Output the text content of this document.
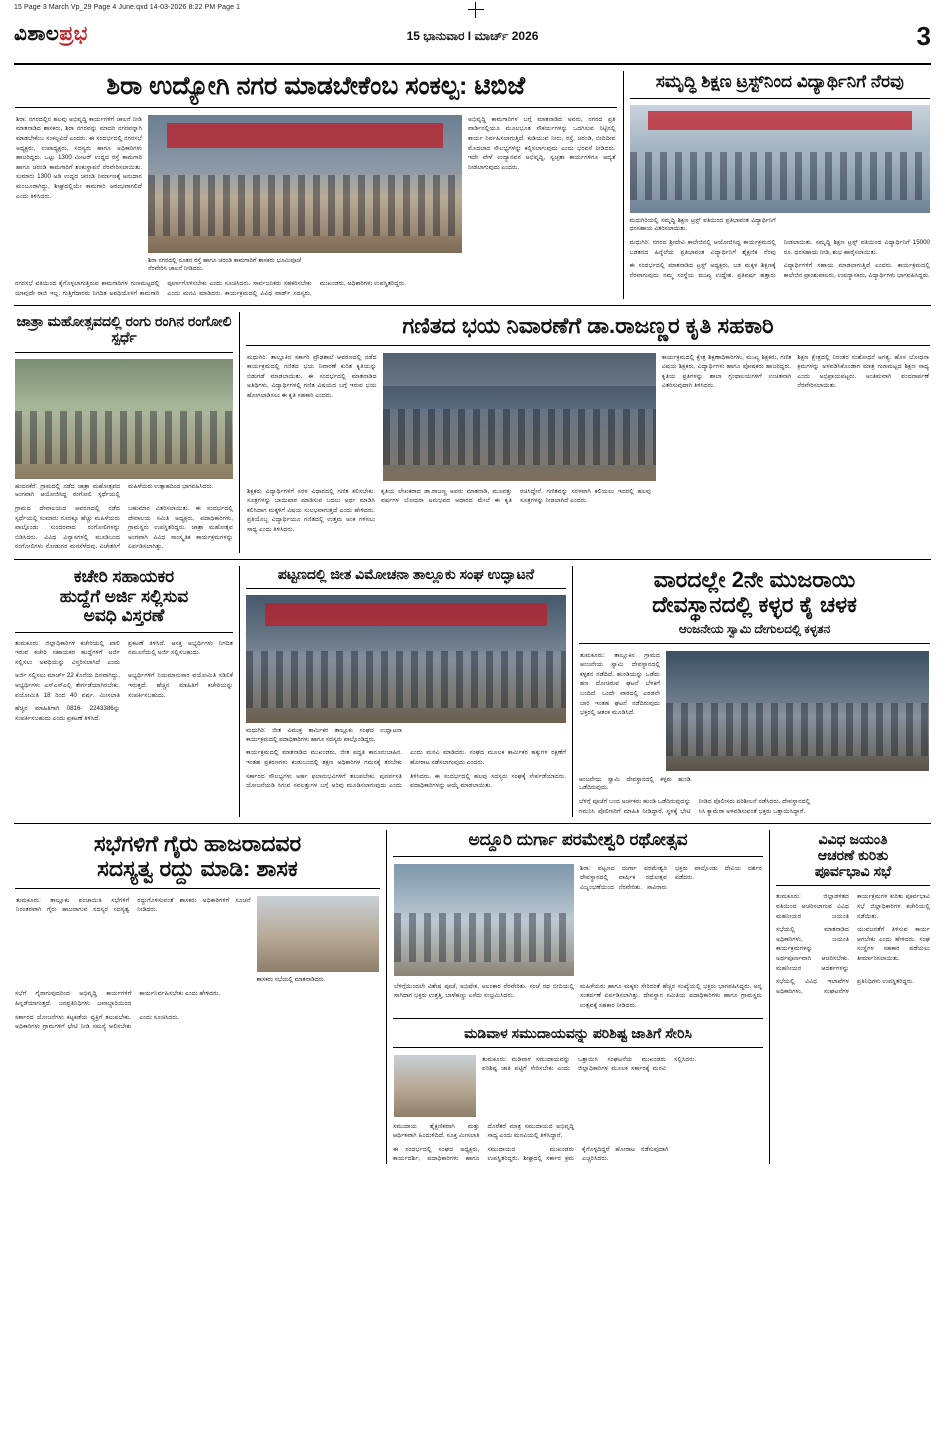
15 Page 3 March Vp_29 Page 4 June.qxd 14-03-2026 8:22 PM Page 1
ವಿಶಾಲಪ್ರಭ	15 ಭಾನುವಾರ I ಮಾರ್ಚ್ 2026	3
ಶಿರಾ ಉದ್ಯೋಗಿ ನಗರ ಮಾಡಬೇಕೆಂಬ ಸಂಕಲ್ಪ: ಟಿಬಿಜೆ
ಶಿರಾ: ನಗರದಲ್ಲಿನ ಹಲವು ಅಭಿವೃದ್ಧಿ ಕಾರ್ಯಗಳಿಗೆ ಚಾಲನೆ ನೀಡಿ ಮಾತನಾಡಿದ ಶಾಸಕರು, ಶಿರಾ ನಗರವನ್ನು ಮಾದರಿ ನಗರವನ್ನಾಗಿ ಮಾಡಬೇಕೆಂಬ ಸಂಕಲ್ಪವಿದೆ ಎಂದರು. ಈ ಸಂದರ್ಭದಲ್ಲಿ ನಗರಸಭೆ ಅಧ್ಯಕ್ಷರು, ಉಪಾಧ್ಯಕ್ಷರು, ಸದಸ್ಯರು ಹಾಗೂ ಅಧಿಕಾರಿಗಳು ಹಾಜರಿದ್ದರು. ಒಟ್ಟು 1300 ಮೀಟರ್ ಉದ್ದದ ರಸ್ತೆ ಕಾಮಗಾರಿ ಹಾಗೂ ಚರಂಡಿ ಕಾಮಗಾರಿಗೆ ಶಂಕುಸ್ಥಾಪನೆ ನೆರವೇರಿಸಲಾಯಿತು. ಸುಮಾರು 1300 ಅಡಿ ಉದ್ದದ ಚರಂಡಿ ನಿರ್ಮಾಣಕ್ಕೆ ಅನುದಾನ ಮಂಜೂರಾಗಿದ್ದು, ಶೀಘ್ರದಲ್ಲಿಯೇ ಕಾಮಗಾರಿ ಆರಂಭವಾಗಲಿದೆ ಎಂದು ತಿಳಿಸಿದರು.

ಶಿರಾ ನಗರದಲ್ಲಿ ನೂತನ ರಸ್ತೆ ಹಾಗೂ ಚರಂಡಿ ಕಾಮಗಾರಿಗೆ ಶಾಸಕರು ಭೂಮಿಪೂಜೆ ನೆರವೇರಿಸಿ ಚಾಲನೆ ನೀಡಿದರು.

ಅಭಿವೃದ್ಧಿ ಕಾಮಗಾರಿಗಳ ಬಗ್ಗೆ ಮಾತನಾಡಿದ ಅವರು, ನಗರದ ಪ್ರತಿ ವಾರ್ಡಿನಲ್ಲಿಯೂ ಮೂಲಭೂತ ಸೌಕರ್ಯಗಳನ್ನು ಒದಗಿಸುವ ನಿಟ್ಟಿನಲ್ಲಿ ಕಾರ್ಯ ನಿರ್ವಹಿಸಲಾಗುತ್ತಿದೆ. ಕುಡಿಯುವ ನೀರು, ರಸ್ತೆ, ಚರಂಡಿ, ಬೀದಿದೀಪ ಮೊದಲಾದ ಸೌಲಭ್ಯಗಳನ್ನು ಕಲ್ಪಿಸಲಾಗುವುದು ಎಂದು ಭರವಸೆ ನೀಡಿದರು. ಇದೇ ವೇಳೆ ಉದ್ಯಾನವನ ಅಭಿವೃದ್ಧಿ, ಸ್ವಚ್ಛತಾ ಕಾರ್ಯಗಳಿಗೂ ಆದ್ಯತೆ ನೀಡಲಾಗುವುದು ಎಂದರು.
ನಗರಸಭೆ ವತಿಯಿಂದ ಕೈಗೊಳ್ಳಲಾಗುತ್ತಿರುವ ಕಾಮಗಾರಿಗಳ ಗುಣಮಟ್ಟದಲ್ಲಿ ಯಾವುದೇ ರಾಜಿ ಇಲ್ಲ. ಗುತ್ತಿಗೆದಾರರು ನಿಗದಿತ ಅವಧಿಯೊಳಗೆ ಕಾಮಗಾರಿ ಪೂರ್ಣಗೊಳಿಸಬೇಕು ಎಂದು ಸೂಚಿಸಿದರು. ಸಾರ್ವಜನಿಕರು ಸಹಕರಿಸಬೇಕು ಎಂದು ಮನವಿ ಮಾಡಿದರು. ಕಾರ್ಯಕ್ರಮದಲ್ಲಿ ವಿವಿಧ ವಾರ್ಡ್ ಸದಸ್ಯರು, ಮುಖಂಡರು, ಅಧಿಕಾರಿಗಳು ಉಪಸ್ಥಿತರಿದ್ದರು.

ಸಮೃದ್ಧಿ ಶಿಕ್ಷಣ ಟ್ರಸ್ಟ್‌ನಿಂದ ವಿದ್ಯಾರ್ಥಿನಿಗೆ ನೆರವು
ಮಧುಗಿರಿಯಲ್ಲಿ ಸಮೃದ್ಧಿ ಶಿಕ್ಷಣ ಟ್ರಸ್ಟ್ ವತಿಯಿಂದ ಪ್ರತಿಭಾವಂತ ವಿದ್ಯಾರ್ಥಿನಿಗೆ ಧನಸಹಾಯ ವಿತರಿಸಲಾಯಿತು.
ಮಧುಗಿರಿ: ನಗರದ ಶ್ರೀದೇವಿ ಕಾಲೇಜಿನಲ್ಲಿ ಆಯೋಜಿಸಿದ್ದ ಕಾರ್ಯಕ್ರಮದಲ್ಲಿ ಬಡತನದ ಹಿನ್ನೆಲೆಯ ಪ್ರತಿಭಾವಂತ ವಿದ್ಯಾರ್ಥಿನಿಗೆ ಶೈಕ್ಷಣಿಕ ನೆರವು ನೀಡಲಾಯಿತು. ಸಮೃದ್ಧಿ ಶಿಕ್ಷಣ ಟ್ರಸ್ಟ್ ವತಿಯಿಂದ ವಿದ್ಯಾರ್ಥಿನಿಗೆ 15000 ರೂ. ಧನಸಹಾಯ ನೀಡಿ, ಶುಭ ಹಾರೈಸಲಾಯಿತು.
ಈ ಸಂದರ್ಭದಲ್ಲಿ ಮಾತನಾಡಿದ ಟ್ರಸ್ಟ್ ಅಧ್ಯಕ್ಷರು, ಬಡ ಮಕ್ಕಳ ಶಿಕ್ಷಣಕ್ಕೆ ನೆರವಾಗುವುದು ನಮ್ಮ ಸಂಸ್ಥೆಯ ಮುಖ್ಯ ಉದ್ದೇಶ. ಪ್ರತಿವರ್ಷ ಹತ್ತಾರು ವಿದ್ಯಾರ್ಥಿಗಳಿಗೆ ಸಹಾಯ ಮಾಡಲಾಗುತ್ತಿದೆ ಎಂದರು. ಕಾರ್ಯಕ್ರಮದಲ್ಲಿ ಕಾಲೇಜಿನ ಪ್ರಾಂಶುಪಾಲರು, ಉಪನ್ಯಾಸಕರು, ವಿದ್ಯಾರ್ಥಿಗಳು ಭಾಗವಹಿಸಿದ್ದರು.
ಜಾತ್ರಾ ಮಹೋತ್ಸವದಲ್ಲಿ ರಂಗು ರಂಗಿನ ರಂಗೋಲಿ ಸ್ಪರ್ಧೆ
ಹಂದನಕೆರೆ: ಗ್ರಾಮದಲ್ಲಿ ನಡೆದ ಜಾತ್ರಾ ಮಹೋತ್ಸವದ ಅಂಗವಾಗಿ ಆಯೋಜಿಸಿದ್ದ ರಂಗೋಲಿ ಸ್ಪರ್ಧೆಯಲ್ಲಿ ಮಹಿಳೆಯರು ಉತ್ಸಾಹದಿಂದ ಭಾಗವಹಿಸಿದರು.
ಗ್ರಾಮದ ದೇವಾಲಯದ ಆವರಣದಲ್ಲಿ ನಡೆದ ಸ್ಪರ್ಧೆಯಲ್ಲಿ ಸುಮಾರು ನೂರಕ್ಕೂ ಹೆಚ್ಚು ಮಹಿಳೆಯರು ಪಾಲ್ಗೊಂಡು ಸುಂದರವಾದ ರಂಗೋಲಿಗಳನ್ನು ಬಿಡಿಸಿದರು. ವಿವಿಧ ವಿನ್ಯಾಸಗಳಲ್ಲಿ ಮೂಡಿಬಂದ ರಂಗೋಲಿಗಳು ನೋಡುಗರ ಮನಸೆಳೆದವು. ವಿಜೇತರಿಗೆ ಬಹುಮಾನ ವಿತರಿಸಲಾಯಿತು. ಈ ಸಂದರ್ಭದಲ್ಲಿ ದೇವಾಲಯ ಸಮಿತಿ ಅಧ್ಯಕ್ಷರು, ಪದಾಧಿಕಾರಿಗಳು, ಗ್ರಾಮಸ್ಥರು ಉಪಸ್ಥಿತರಿದ್ದರು. ಜಾತ್ರಾ ಮಹೋತ್ಸವ ಅಂಗವಾಗಿ ವಿವಿಧ ಸಾಂಸ್ಕೃತಿಕ ಕಾರ್ಯಕ್ರಮಗಳನ್ನು ಏರ್ಪಡಿಸಲಾಗಿತ್ತು.

ಗಣಿತದ ಭಯ ನಿವಾರಣೆಗೆ ಡಾ.ರಾಜಣ್ಣರ ಕೃತಿ ಸಹಕಾರಿ
ಮಧುಗಿರಿ: ತಾಲ್ಲೂಕಿನ ಸರ್ಕಾರಿ ಪ್ರೌಢಶಾಲೆ ಆವರಣದಲ್ಲಿ ನಡೆದ ಕಾರ್ಯಕ್ರಮದಲ್ಲಿ ಗಣಿತದ ಭಯ ನಿವಾರಣೆ ಕುರಿತ ಕೃತಿಯನ್ನು ಬಿಡುಗಡೆ ಮಾಡಲಾಯಿತು. ಈ ಸಂದರ್ಭದಲ್ಲಿ ಮಾತನಾಡಿದ ಅತಿಥಿಗಳು, ವಿದ್ಯಾರ್ಥಿಗಳಲ್ಲಿ ಗಣಿತ ವಿಷಯದ ಬಗ್ಗೆ ಇರುವ ಭಯ ಹೋಗಲಾಡಿಸಲು ಈ ಕೃತಿ ಸಹಕಾರಿ ಎಂದರು.

ಕಾರ್ಯಕ್ರಮದಲ್ಲಿ ಕ್ಷೇತ್ರ ಶಿಕ್ಷಣಾಧಿಕಾರಿಗಳು, ಮುಖ್ಯ ಶಿಕ್ಷಕರು, ಗಣಿತ ವಿಷಯ ಶಿಕ್ಷಕರು, ವಿದ್ಯಾರ್ಥಿಗಳು ಹಾಗೂ ಪೋಷಕರು ಹಾಜರಿದ್ದರು. ಕೃತಿಯ ಪ್ರತಿಗಳನ್ನು ಶಾಲಾ ಗ್ರಂಥಾಲಯಗಳಿಗೆ ಉಚಿತವಾಗಿ ವಿತರಿಸುವುದಾಗಿ ತಿಳಿಸಿದರು.

ಶಿಕ್ಷಣ ಕ್ಷೇತ್ರದಲ್ಲಿ ನಿರಂತರ ಸಂಶೋಧನೆ ಅಗತ್ಯ. ಹೊಸ ಬೋಧನಾ ಕ್ರಮಗಳನ್ನು ಅಳವಡಿಸಿಕೊಂಡಾಗ ಮಾತ್ರ ಗುಣಮಟ್ಟದ ಶಿಕ್ಷಣ ಸಾಧ್ಯ ಎಂದು ಅಭಿಪ್ರಾಯಪಟ್ಟರು. ಅಂತಿಮವಾಗಿ ವಂದನಾರ್ಪಣೆ ನೆರವೇರಿಸಲಾಯಿತು.
ಶಿಕ್ಷಕರು ವಿದ್ಯಾರ್ಥಿಗಳಿಗೆ ಸರಳ ವಿಧಾನದಲ್ಲಿ ಗಣಿತ ಕಲಿಸಬೇಕು. ಸೂತ್ರಗಳನ್ನು ಬಾಯಿಪಾಠ ಮಾಡಿಸುವ ಬದಲು ಅರ್ಥ ಮಾಡಿಸಿ ಕಲಿಸಿದಾಗ ಮಕ್ಕಳಿಗೆ ವಿಷಯ ಸುಲಭವಾಗುತ್ತದೆ ಎಂದು ಹೇಳಿದರು. ಪ್ರತಿಯೊಬ್ಬ ವಿದ್ಯಾರ್ಥಿಯೂ ಗಣಿತದಲ್ಲಿ ಉತ್ತಮ ಅಂಕ ಗಳಿಸಲು ಸಾಧ್ಯ ಎಂದು ತಿಳಿಸಿದರು.

ಕೃತಿಯ ಲೇಖಕರಾದ ಡಾ.ರಾಜಣ್ಣ ಅವರು ಮಾತನಾಡಿ, ಮೂವತ್ತು ವರ್ಷಗಳ ಬೋಧನಾ ಅನುಭವದ ಆಧಾರದ ಮೇಲೆ ಈ ಕೃತಿ ರಚಿಸಿದ್ದೇನೆ. ಗಣಿತವನ್ನು ಸರಳವಾಗಿ ಕಲಿಯಲು ಇದರಲ್ಲಿ ಹಲವು ಸೂತ್ರಗಳನ್ನು ನೀಡಲಾಗಿದೆ ಎಂದರು.
ಕಚೇರಿ ಸಹಾಯಕರ
ಹುದ್ದೆಗೆ ಅರ್ಜಿ ಸಲ್ಲಿಸುವ
ಅವಧಿ ವಿಸ್ತರಣೆ
ತುಮಕೂರು: ಜಿಲ್ಲಾಧಿಕಾರಿಗಳ ಕಚೇರಿಯಲ್ಲಿ ಖಾಲಿ ಇರುವ ಕಚೇರಿ ಸಹಾಯಕರ ಹುದ್ದೆಗಳಿಗೆ ಅರ್ಜಿ ಸಲ್ಲಿಸಲು ಅವಧಿಯನ್ನು ವಿಸ್ತರಿಸಲಾಗಿದೆ ಎಂದು ಪ್ರಕಟಣೆ ತಿಳಿಸಿದೆ. ಆಸಕ್ತ ಅಭ್ಯರ್ಥಿಗಳು ನಿಗದಿತ ನಮೂನೆಯಲ್ಲಿ ಅರ್ಜಿ ಸಲ್ಲಿಸಬಹುದು.
ಅರ್ಜಿ ಸಲ್ಲಿಸಲು ಮಾರ್ಚ್ 22 ಕೊನೆಯ ದಿನವಾಗಿದ್ದು, ಅಭ್ಯರ್ಥಿಗಳು ಎಸ್ಎಸ್ಎಲ್ಸಿ ತೇರ್ಗಡೆಯಾಗಿರಬೇಕು. ವಯೋಮಿತಿ 18 ರಿಂದ 40 ವರ್ಷ. ಮೀಸಲಾತಿ ಅಭ್ಯರ್ಥಿಗಳಿಗೆ ನಿಯಮಾನುಸಾರ ವಯೋಮಿತಿ ಸಡಿಲಿಕೆ ಇರುತ್ತದೆ. ಹೆಚ್ಚಿನ ಮಾಹಿತಿಗೆ ಕಚೇರಿಯನ್ನು ಸಂಪರ್ಕಿಸಬಹುದು.
ಹೆಚ್ಚಿನ ಮಾಹಿತಿಗಾಗಿ 0816- 2243386ನ್ನು ಸಂಪರ್ಕಿಸಬಹುದು ಎಂದು ಪ್ರಕಟಣೆ ತಿಳಿಸಿದೆ.

ಪಟ್ಟಣದಲ್ಲಿ ಜೀತ ವಿಮೋಚನಾ ತಾಲ್ಲೂಕು ಸಂಘ ಉದ್ಘಾಟನೆ
ಮಧುಗಿರಿ: ಜೀತ ವಿಮುಕ್ತ ಕಾರ್ಮಿಕರ ತಾಲ್ಲೂಕು ಸಂಘದ ಉದ್ಘಾಟನಾ ಕಾರ್ಯಕ್ರಮದಲ್ಲಿ ಪದಾಧಿಕಾರಿಗಳು ಹಾಗೂ ಸದಸ್ಯರು ಪಾಲ್ಗೊಂಡಿದ್ದರು.
ಕಾರ್ಯಕ್ರಮದಲ್ಲಿ ಮಾತನಾಡಿದ ಮುಖಂಡರು, ಜೀತ ಪದ್ಧತಿ ಕಾನೂನುಬಾಹಿರ. ಇಂತಹ ಪ್ರಕರಣಗಳು ಕಂಡುಬಂದಲ್ಲಿ ತಕ್ಷಣ ಅಧಿಕಾರಿಗಳ ಗಮನಕ್ಕೆ ತರಬೇಕು ಎಂದು ಮನವಿ ಮಾಡಿದರು. ಸಂಘದ ಮೂಲಕ ಕಾರ್ಮಿಕರ ಹಕ್ಕುಗಳ ರಕ್ಷಣೆಗೆ ಹೋರಾಟ ನಡೆಸಲಾಗುವುದು ಎಂದರು.
ಸರ್ಕಾರದ ಸೌಲಭ್ಯಗಳು ಅರ್ಹ ಫಲಾನುಭವಿಗಳಿಗೆ ತಲುಪಬೇಕು. ಪುನರ್ವಸತಿ ಯೋಜನೆಯಡಿ ಸಿಗುವ ಸವಲತ್ತುಗಳ ಬಗ್ಗೆ ಅರಿವು ಮೂಡಿಸಲಾಗುವುದು ಎಂದು ತಿಳಿಸಿದರು. ಈ ಸಂದರ್ಭದಲ್ಲಿ ಹಲವು ಸದಸ್ಯರು ಸಂಘಕ್ಕೆ ಸೇರ್ಪಡೆಯಾದರು. ಪದಾಧಿಕಾರಿಗಳನ್ನು ಆಯ್ಕೆ ಮಾಡಲಾಯಿತು.

ವಾರದಲ್ಲೇ 2ನೇ ಮುಜರಾಯಿ
ದೇವಸ್ಥಾನದಲ್ಲಿ ಕಳ್ಳರ ಕೈ ಚಳಕ
ಆಂಜನೇಯ ಸ್ವಾಮಿ ದೇಗುಲದಲ್ಲಿ ಕಳ್ಳತನ
ತುಮಕೂರು: ತಾಲ್ಲೂಕಿನ ಗ್ರಾಮದ ಆಂಜನೇಯ ಸ್ವಾಮಿ ದೇವಸ್ಥಾನದಲ್ಲಿ ಕಳ್ಳತನ ನಡೆದಿದೆ. ಹುಂಡಿಯನ್ನು ಒಡೆದು ಹಣ ದೋಚಿರುವ ಘಟನೆ ಬೆಳಕಿಗೆ ಬಂದಿದೆ. ಒಂದೇ ವಾರದಲ್ಲಿ ಎರಡನೇ ಬಾರಿ ಇಂತಹ ಘಟನೆ ನಡೆದಿರುವುದು ಭಕ್ತರಲ್ಲಿ ಆತಂಕ ಮೂಡಿಸಿದೆ.

ಆಂಜನೇಯ ಸ್ವಾಮಿ ದೇವಸ್ಥಾನದಲ್ಲಿ ಕಳ್ಳರು ಹುಂಡಿ ಒಡೆದಿರುವುದು.
ಬೆಳಿಗ್ಗೆ ಪೂಜೆಗೆ ಬಂದ ಅರ್ಚಕರು ಹುಂಡಿ ಒಡೆದಿರುವುದನ್ನು ಗಮನಿಸಿ ಪೊಲೀಸರಿಗೆ ಮಾಹಿತಿ ನೀಡಿದ್ದಾರೆ. ಸ್ಥಳಕ್ಕೆ ಭೇಟಿ ನೀಡಿದ ಪೊಲೀಸರು ಪರಿಶೀಲನೆ ನಡೆಸಿದರು. ದೇವಸ್ಥಾನದಲ್ಲಿ ಸಿಸಿ ಕ್ಯಾಮೆರಾ ಅಳವಡಿಸುವಂತೆ ಭಕ್ತರು ಒತ್ತಾಯಿಸಿದ್ದಾರೆ.
ಸಭೆಗಳಿಗೆ ಗೈರು ಹಾಜರಾದವರ
ಸದಸ್ಯತ್ವ ರದ್ದು ಮಾಡಿ: ಶಾಸಕ
ತುಮಕೂರು: ತಾಲ್ಲೂಕು ಪಂಚಾಯಿತಿ ಸಭೆಗಳಿಗೆ ನಿರಂತರವಾಗಿ ಗೈರು ಹಾಜರಾಗುವ ಸದಸ್ಯರ ಸದಸ್ಯತ್ವ ರದ್ದುಗೊಳಿಸುವಂತೆ ಶಾಸಕರು ಅಧಿಕಾರಿಗಳಿಗೆ ಸೂಚನೆ ನೀಡಿದರು.

ಶಾಸಕರು ಸಭೆಯಲ್ಲಿ ಮಾತನಾಡಿದರು.
ಸಭೆಗೆ ಗೈರಾಗುವುದರಿಂದ ಅಭಿವೃದ್ಧಿ ಕಾರ್ಯಗಳಿಗೆ ಹಿನ್ನಡೆಯಾಗುತ್ತದೆ. ಜನಪ್ರತಿನಿಧಿಗಳು ಜವಾಬ್ದಾರಿಯಿಂದ ಕಾರ್ಯನಿರ್ವಹಿಸಬೇಕು ಎಂದು ಹೇಳಿದರು.
ಸರ್ಕಾರದ ಯೋಜನೆಗಳು ಕಟ್ಟಕಡೆಯ ವ್ಯಕ್ತಿಗೆ ತಲುಪಬೇಕು. ಅಧಿಕಾರಿಗಳು ಗ್ರಾಮಗಳಿಗೆ ಭೇಟಿ ನೀಡಿ ಸಮಸ್ಯೆ ಆಲಿಸಬೇಕು ಎಂದು ಸೂಚಿಸಿದರು.

ಅದ್ದೂರಿ ದುರ್ಗಾ ಪರಮೇಶ್ವರಿ ರಥೋತ್ಸವ

ಶಿರಾ: ಪಟ್ಟಣದ ದುರ್ಗಾ ಪರಮೇಶ್ವರಿ ದೇವಸ್ಥಾನದಲ್ಲಿ ವಾರ್ಷಿಕ ರಥೋತ್ಸವ ವಿಜೃಂಭಣೆಯಿಂದ ನೆರವೇರಿತು. ಸಾವಿರಾರು ಭಕ್ತರು ಪಾಲ್ಗೊಂಡು ದೇವಿಯ ದರ್ಶನ ಪಡೆದರು.
ಬೆಳಿಗ್ಗೆಯಿಂದಲೇ ವಿಶೇಷ ಪೂಜೆ, ಅಭಿಷೇಕ, ಅಲಂಕಾರ ನೆರವೇರಿತು. ಸಂಜೆ ರಥ ಬೀದಿಯಲ್ಲಿ ಸಾಗಿದಾಗ ಭಕ್ತರು ಉತ್ತತ್ತಿ, ಬಾಳೆಹಣ್ಣು ಎಸೆದು ಸಂಭ್ರಮಿಸಿದರು.

ಮಹಿಳೆಯರು ಹಾಗೂ ಮಕ್ಕಳು ಸೇರಿದಂತೆ ಹೆಚ್ಚಿನ ಸಂಖ್ಯೆಯಲ್ಲಿ ಭಕ್ತರು ಭಾಗವಹಿಸಿದ್ದರು. ಅನ್ನ ಸಂತರ್ಪಣೆ ಏರ್ಪಡಿಸಲಾಗಿತ್ತು. ದೇವಸ್ಥಾನ ಸಮಿತಿಯ ಪದಾಧಿಕಾರಿಗಳು ಹಾಗೂ ಗ್ರಾಮಸ್ಥರು ಉತ್ಸವಕ್ಕೆ ಸಹಕಾರ ನೀಡಿದರು.
ಮಡಿವಾಳ ಸಮುದಾಯವನ್ನು ಪರಿಶಿಷ್ಟ ಜಾತಿಗೆ ಸೇರಿಸಿ

ತುಮಕೂರು: ಮಡಿವಾಳ ಸಮುದಾಯವನ್ನು ಪರಿಶಿಷ್ಟ ಜಾತಿ ಪಟ್ಟಿಗೆ ಸೇರಿಸಬೇಕು ಎಂದು ಒತ್ತಾಯಿಸಿ ಸಂಘಟನೆಯ ಮುಖಂಡರು ಜಿಲ್ಲಾಧಿಕಾರಿಗಳ ಮೂಲಕ ಸರ್ಕಾರಕ್ಕೆ ಮನವಿ ಸಲ್ಲಿಸಿದರು.
ಸಮುದಾಯ ಶೈಕ್ಷಣಿಕವಾಗಿ ಮತ್ತು ಆರ್ಥಿಕವಾಗಿ ಹಿಂದುಳಿದಿದೆ. ಸೂಕ್ತ ಮೀಸಲಾತಿ ದೊರೆತರೆ ಮಾತ್ರ ಸಮುದಾಯದ ಅಭಿವೃದ್ಧಿ ಸಾಧ್ಯ ಎಂದು ಮನವಿಯಲ್ಲಿ ತಿಳಿಸಿದ್ದಾರೆ.
ಈ ಸಂದರ್ಭದಲ್ಲಿ ಸಂಘದ ಅಧ್ಯಕ್ಷರು, ಕಾರ್ಯದರ್ಶಿ, ಪದಾಧಿಕಾರಿಗಳು ಹಾಗೂ ಸಮುದಾಯದ ಮುಖಂಡರು ಉಪಸ್ಥಿತರಿದ್ದರು. ಶೀಘ್ರದಲ್ಲಿ ಸರ್ಕಾರ ಕ್ರಮ ಕೈಗೊಳ್ಳದಿದ್ದರೆ ಹೋರಾಟ ನಡೆಸುವುದಾಗಿ ಎಚ್ಚರಿಸಿದರು.

ವಿವಿಧ ಜಯಂತಿ
ಆಚರಣೆ ಕುರಿತು
ಪೂರ್ವಭಾವಿ ಸಭೆ
ತುಮಕೂರು: ಜಿಲ್ಲಾಡಳಿತದ ವತಿಯಿಂದ ಆಚರಿಸಲಾಗುವ ವಿವಿಧ ಮಹನೀಯರ ಜಯಂತಿ ಕಾರ್ಯಕ್ರಮಗಳ ಕುರಿತು ಪೂರ್ವಭಾವಿ ಸಭೆ ಜಿಲ್ಲಾಧಿಕಾರಿಗಳ ಕಚೇರಿಯಲ್ಲಿ ನಡೆಯಿತು.
ಸಭೆಯಲ್ಲಿ ಮಾತನಾಡಿದ ಅಧಿಕಾರಿಗಳು, ಜಯಂತಿ ಕಾರ್ಯಕ್ರಮಗಳನ್ನು ಅರ್ಥಪೂರ್ಣವಾಗಿ ಆಚರಿಸಬೇಕು. ಮಹನೀಯರ ಆದರ್ಶಗಳನ್ನು ಯುವಜನತೆಗೆ ತಿಳಿಸುವ ಕಾರ್ಯ ಆಗಬೇಕು ಎಂದು ಹೇಳಿದರು. ಸಂಘ ಸಂಸ್ಥೆಗಳ ಸಹಕಾರ ಪಡೆಯಲು ತೀರ್ಮಾನಿಸಲಾಯಿತು.
ಸಭೆಯಲ್ಲಿ ವಿವಿಧ ಇಲಾಖೆಗಳ ಅಧಿಕಾರಿಗಳು, ಸಂಘಟನೆಗಳ ಪ್ರತಿನಿಧಿಗಳು ಉಪಸ್ಥಿತರಿದ್ದರು.
